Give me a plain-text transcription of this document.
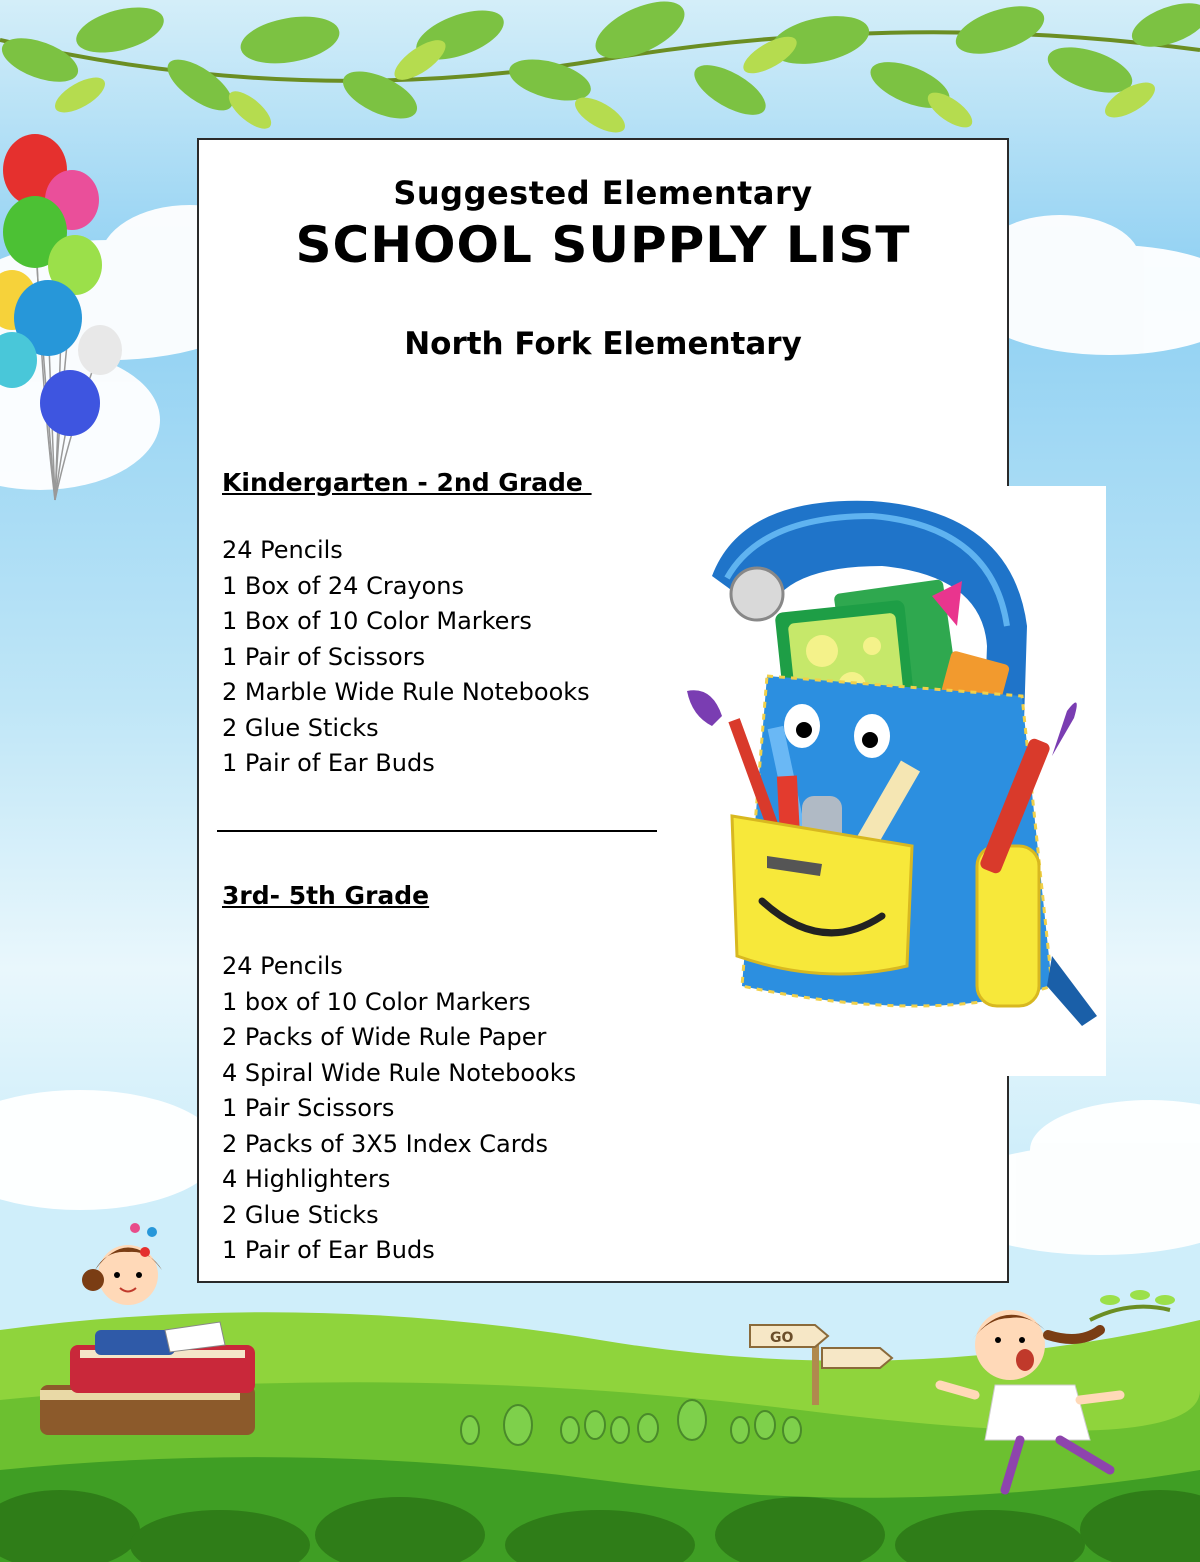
GO
Suggested Elementary
SCHOOL SUPPLY LIST
North Fork Elementary
Kindergarten - 2nd Grade
24 Pencils
1 Box of 24 Crayons
1 Box of 10 Color Markers
1 Pair of Scissors
2 Marble Wide Rule Notebooks
2 Glue Sticks
1 Pair of Ear Buds
3rd- 5th Grade
24 Pencils
1 box of 10 Color Markers
2 Packs of Wide Rule Paper
4 Spiral Wide Rule Notebooks
1 Pair Scissors
2 Packs of 3X5 Index Cards
4 Highlighters
2 Glue Sticks
1 Pair of Ear Buds
